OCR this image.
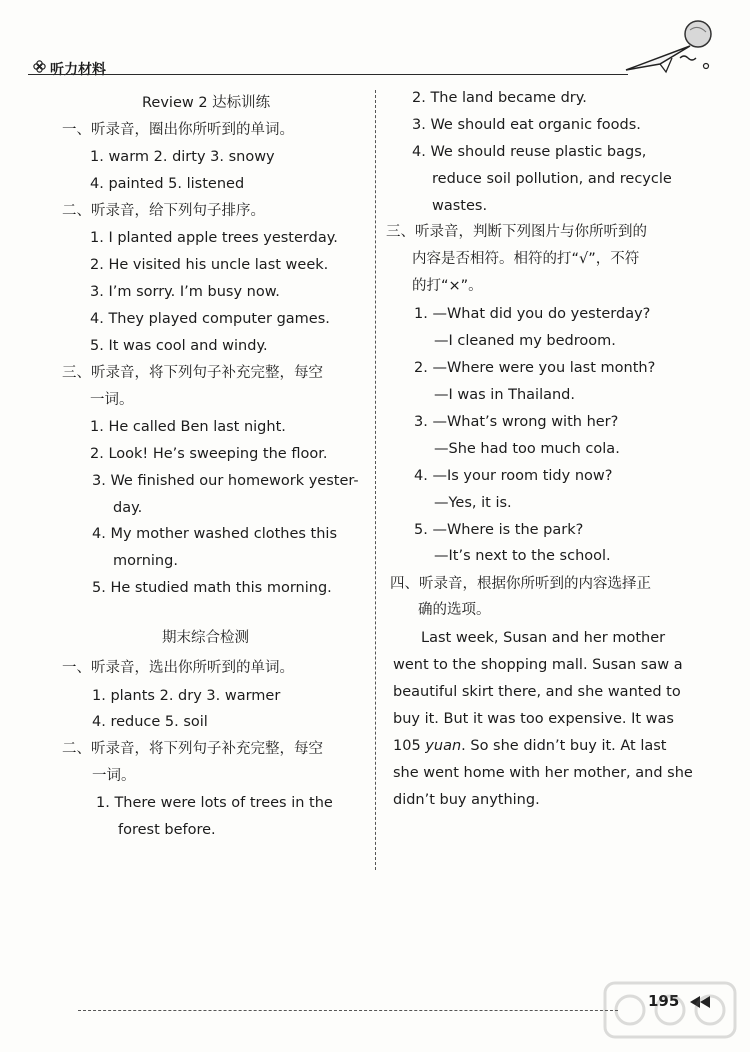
听力材料
Review 2 达标训练
一、听录音，圈出你所听到的单词。
1. warm 2. dirty 3. snowy
4. painted 5. listened
二、听录音，给下列句子排序。
1. I planted apple trees yesterday.
2. He visited his uncle last week.
3. I’m sorry. I’m busy now.
4. They played computer games.
5. It was cool and windy.
三、听录音，将下列句子补充完整，每空
一词。
1. He called Ben last night.
2. Look! He’s sweeping the floor.
3. We finished our homework yester-
day.
4. My mother washed clothes this
morning.
5. He studied math this morning.
期末综合检测
一、听录音，选出你所听到的单词。
1. plants 2. dry 3. warmer
4. reduce 5. soil
二、听录音，将下列句子补充完整，每空
一词。
1. There were lots of trees in the
forest before.
2. The land became dry.
3. We should eat organic foods.
4. We should reuse plastic bags,
reduce soil pollution, and recycle
wastes.
三、听录音，判断下列图片与你所听到的
内容是否相符。相符的打“√”，不符
的打“×”。
1. —What did you do yesterday?
—I cleaned my bedroom.
2. —Where were you last month?
—I was in Thailand.
3. —What’s wrong with her?
—She had too much cola.
4. —Is your room tidy now?
—Yes, it is.
5. —Where is the park?
—It’s next to the school.
四、听录音，根据你所听到的内容选择正
确的选项。
Last week, Susan and her mother
went to the shopping mall. Susan saw a
beautiful skirt there, and she wanted to
buy it. But it was too expensive. It was
105 yuan. So she didn’t buy it. At last
she went home with her mother, and she
didn’t buy anything.
195
